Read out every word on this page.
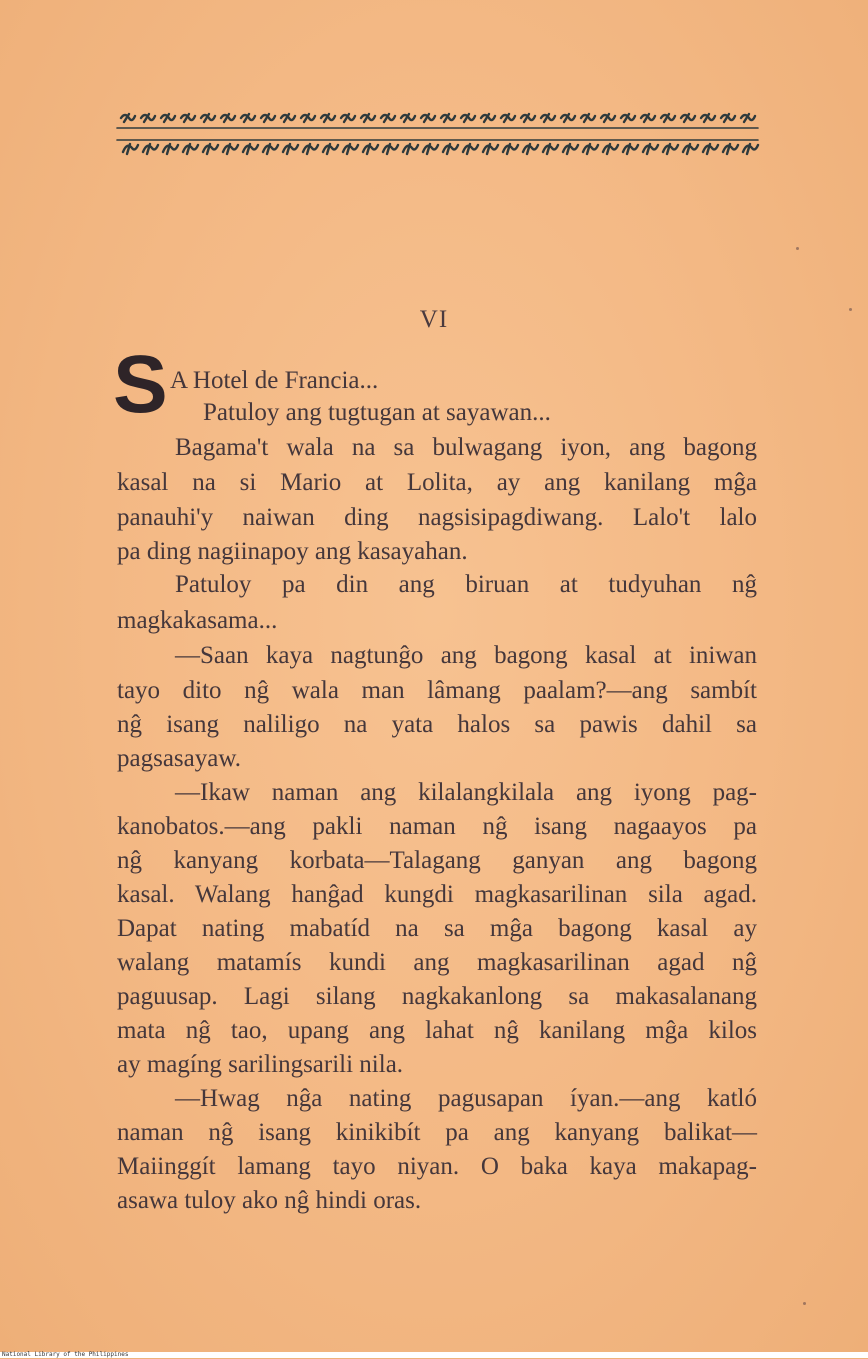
VI
S A Hotel de Francia...
Patuloy ang tugtugan at sayawan...
Bagama't wala na sa bulwagang iyon, ang bagong
kasal na si Mario at Lolita, ay ang kanilang mĝa
panauhi'y naiwan ding nagsisipagdiwang. Lalo't lalo
pa ding nagiinapoy ang kasayahan.
Patuloy pa din ang biruan at tudyuhan nĝ
magkakasama...
—Saan kaya nagtunĝo ang bagong kasal at iniwan
tayo dito nĝ wala man lâmang paalam?—ang sambít
nĝ isang naliligo na yata halos sa pawis dahil sa
pagsasayaw.
—Ikaw naman ang kilalangkilala ang iyong pag-
kanobatos.—ang pakli naman nĝ isang nagaayos pa
nĝ kanyang korbata—Talagang ganyan ang bagong
kasal. Walang hanĝad kungdi magkasarilinan sila agad.
Dapat nating mabatíd na sa mĝa bagong kasal ay
walang matamís kundi ang magkasarilinan agad nĝ
paguusap. Lagi silang nagkakanlong sa makasalanang
mata nĝ tao, upang ang lahat nĝ kanilang mĝa kilos
ay magíng sarilingsarili nila.
—Hwag nĝa nating pagusapan íyan.—ang katló
naman nĝ isang kinikibít pa ang kanyang balikat—
Maiinggít lamang tayo niyan. O baka kaya makapag-
asawa tuloy ako nĝ hindi oras.
National Library of the Philippines
